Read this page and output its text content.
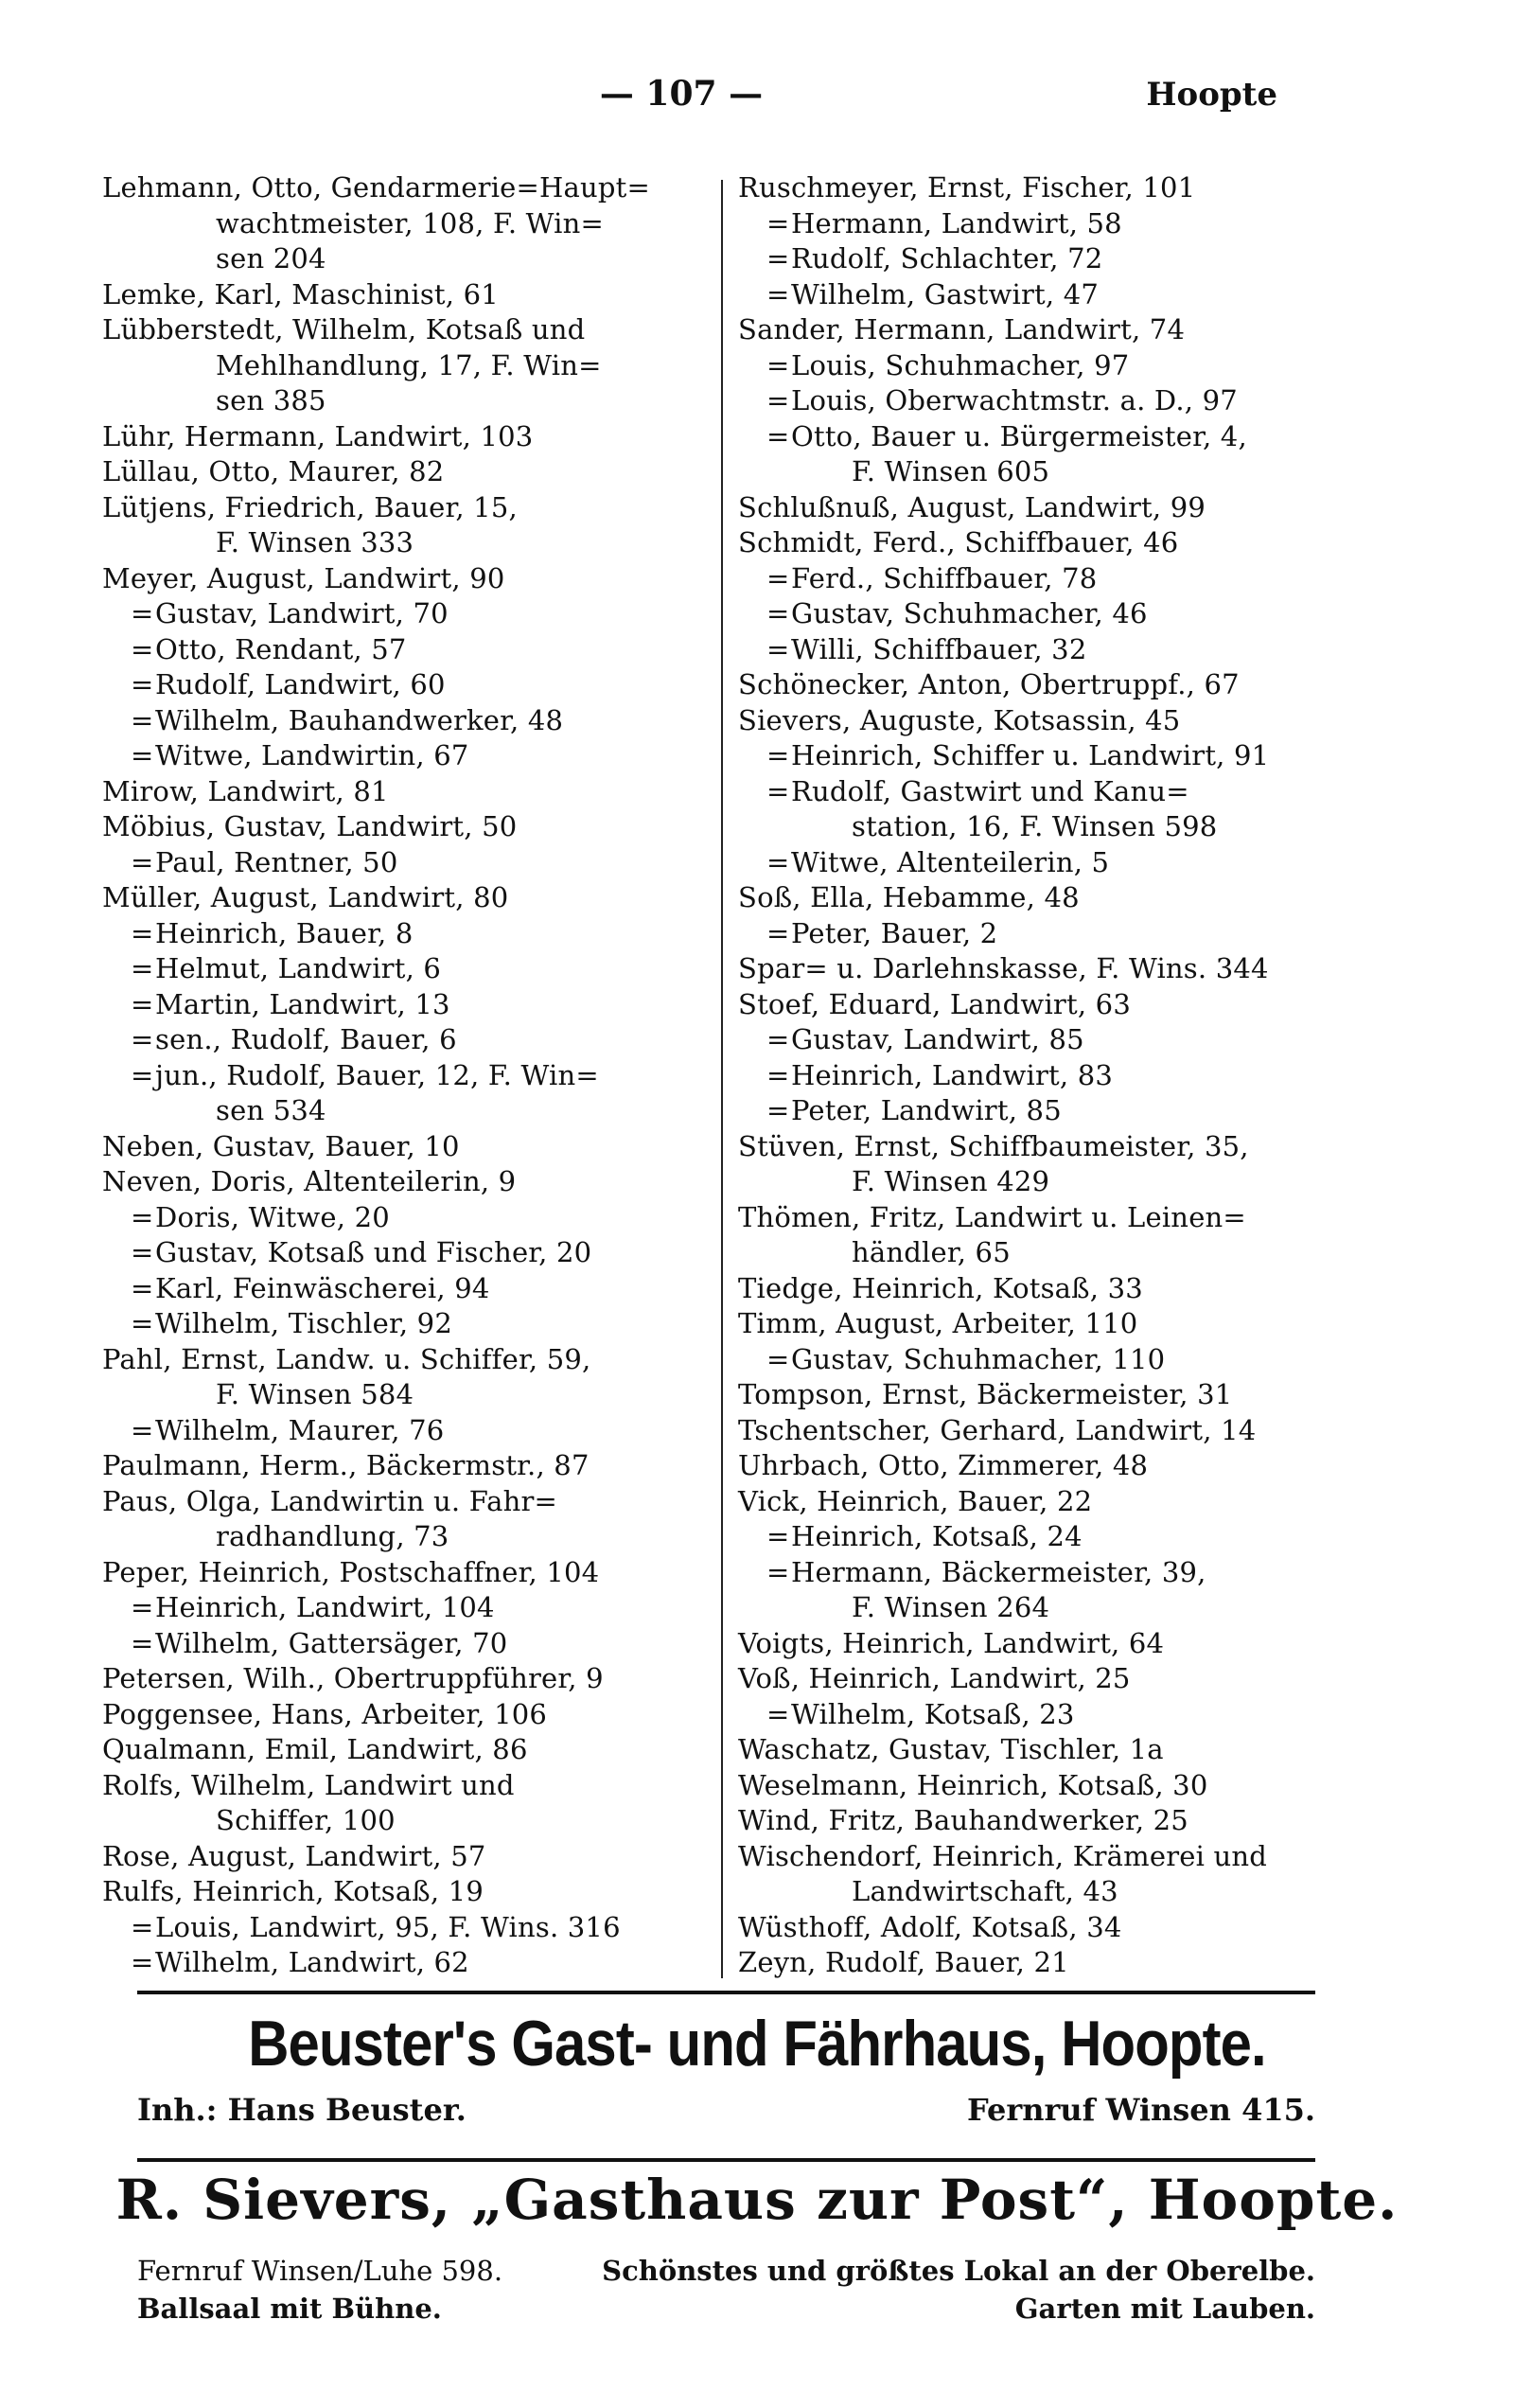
— 107 —	Hoopte
Lehmann, Otto, Gendarmerie=Haupt=
wachtmeister, 108, F. Win=
sen 204
Lemke, Karl, Maschinist, 61
Lübberstedt, Wilhelm, Kotsaß und
Mehlhandlung, 17, F. Win=
sen 385
Lühr, Hermann, Landwirt, 103
Lüllau, Otto, Maurer, 82
Lütjens, Friedrich, Bauer, 15,
F. Winsen 333
Meyer, August, Landwirt, 90
=Gustav, Landwirt, 70
=Otto, Rendant, 57
=Rudolf, Landwirt, 60
=Wilhelm, Bauhandwerker, 48
=Witwe, Landwirtin, 67
Mirow, Landwirt, 81
Möbius, Gustav, Landwirt, 50
=Paul, Rentner, 50
Müller, August, Landwirt, 80
=Heinrich, Bauer, 8
=Helmut, Landwirt, 6
=Martin, Landwirt, 13
=sen., Rudolf, Bauer, 6
=jun., Rudolf, Bauer, 12, F. Win=
sen 534
Neben, Gustav, Bauer, 10
Neven, Doris, Altenteilerin, 9
=Doris, Witwe, 20
=Gustav, Kotsaß und Fischer, 20
=Karl, Feinwäscherei, 94
=Wilhelm, Tischler, 92
Pahl, Ernst, Landw. u. Schiffer, 59,
F. Winsen 584
=Wilhelm, Maurer, 76
Paulmann, Herm., Bäckermstr., 87
Paus, Olga, Landwirtin u. Fahr=
radhandlung, 73
Peper, Heinrich, Postschaffner, 104
=Heinrich, Landwirt, 104
=Wilhelm, Gattersäger, 70
Petersen, Wilh., Obertruppführer, 9
Poggensee, Hans, Arbeiter, 106
Qualmann, Emil, Landwirt, 86
Rolfs, Wilhelm, Landwirt und
Schiffer, 100
Rose, August, Landwirt, 57
Rulfs, Heinrich, Kotsaß, 19
=Louis, Landwirt, 95, F. Wins. 316
=Wilhelm, Landwirt, 62
Ruschmeyer, Ernst, Fischer, 101
=Hermann, Landwirt, 58
=Rudolf, Schlachter, 72
=Wilhelm, Gastwirt, 47
Sander, Hermann, Landwirt, 74
=Louis, Schuhmacher, 97
=Louis, Oberwachtmstr. a. D., 97
=Otto, Bauer u. Bürgermeister, 4,
F. Winsen 605
Schlußnuß, August, Landwirt, 99
Schmidt, Ferd., Schiffbauer, 46
=Ferd., Schiffbauer, 78
=Gustav, Schuhmacher, 46
=Willi, Schiffbauer, 32
Schönecker, Anton, Obertruppf., 67
Sievers, Auguste, Kotsassin, 45
=Heinrich, Schiffer u. Landwirt, 91
=Rudolf, Gastwirt und Kanu=
station, 16, F. Winsen 598
=Witwe, Altenteilerin, 5
Soß, Ella, Hebamme, 48
=Peter, Bauer, 2
Spar= u. Darlehnskasse, F. Wins. 344
Stoef, Eduard, Landwirt, 63
=Gustav, Landwirt, 85
=Heinrich, Landwirt, 83
=Peter, Landwirt, 85
Stüven, Ernst, Schiffbaumeister, 35,
F. Winsen 429
Thömen, Fritz, Landwirt u. Leinen=
händler, 65
Tiedge, Heinrich, Kotsaß, 33
Timm, August, Arbeiter, 110
=Gustav, Schuhmacher, 110
Tompson, Ernst, Bäckermeister, 31
Tschentscher, Gerhard, Landwirt, 14
Uhrbach, Otto, Zimmerer, 48
Vick, Heinrich, Bauer, 22
=Heinrich, Kotsaß, 24
=Hermann, Bäckermeister, 39,
F. Winsen 264
Voigts, Heinrich, Landwirt, 64
Voß, Heinrich, Landwirt, 25
=Wilhelm, Kotsaß, 23
Waschatz, Gustav, Tischler, 1a
Weselmann, Heinrich, Kotsaß, 30
Wind, Fritz, Bauhandwerker, 25
Wischendorf, Heinrich, Krämerei und
Landwirtschaft, 43
Wüsthoff, Adolf, Kotsaß, 34
Zeyn, Rudolf, Bauer, 21
Beuster's Gast- und Fährhaus, Hoopte.
Inh.: Hans Beuster.	Fernruf Winsen 415.
R. Sievers, „Gasthaus zur Post“, Hoopte.
Fernruf Winsen/Luhe 598.	Schönstes und größtes Lokal an der Oberelbe.
Ballsaal mit Bühne.	Garten mit Lauben.
